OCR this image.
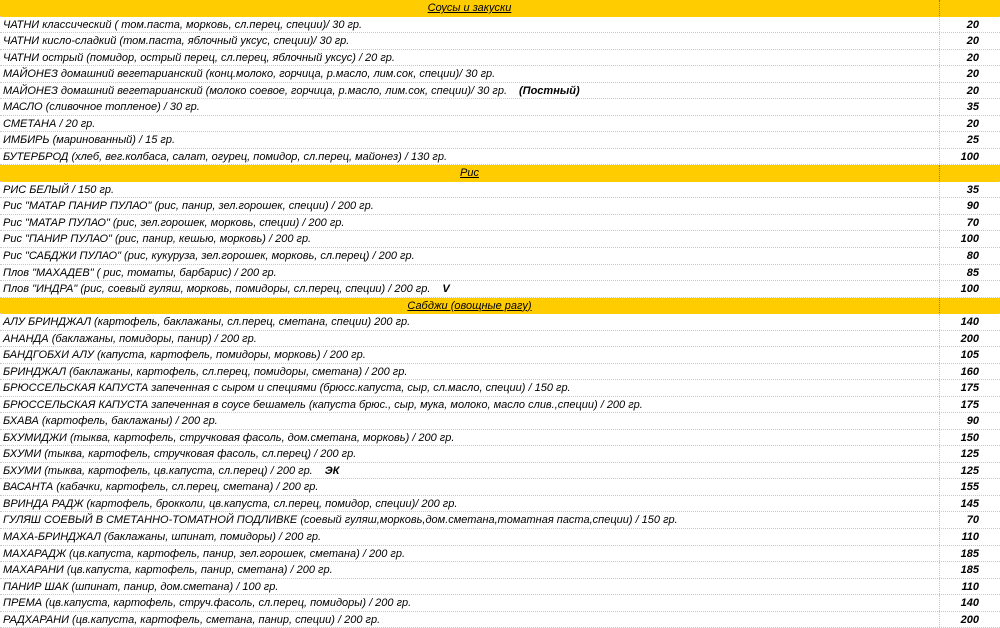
Соусы и закуски
ЧАТНИ классический ( том.паста, морковь, сл.перец, специи)/ 30 гр.	20
ЧАТНИ кисло-сладкий (том.паста, яблочный уксус, специи)/ 30 гр.	20
ЧАТНИ острый (помидор, острый перец, сл.перец, яблочный уксус) / 20 гр.	20
МАЙОНЕЗ домашний вегетарианский (конц.молоко, горчица, р.масло, лим.сок, специи)/ 30 гр.	20
МАЙОНЕЗ домашний вегетарианский (молоко соевое, горчица, р.масло, лим.сок, специи)/ 30 гр. (Постный)	20
МАСЛО (сливочное топленое) / 30 гр.	35
СМЕТАНА / 20 гр.	20
ИМБИРЬ (маринованный) / 15 гр.	25
БУТЕРБРОД (хлеб, вег.колбаса, салат, огурец, помидор, сл.перец, майонез) / 130 гр.	100
Рис
РИС БЕЛЫЙ / 150 гр.	35
Рис "МАТАР ПАНИР ПУЛАО" (рис, панир, зел.горошек, специи) / 200 гр.	90
Рис "МАТАР ПУЛАО" (рис, зел.горошек, морковь, специи) / 200 гр.	70
Рис "ПАНИР ПУЛАО" (рис, панир, кешью, морковь) / 200 гр.	100
Рис "САБДЖИ ПУЛАО" (рис, кукуруза, зел.горошек, морковь, сл.перец) / 200 гр.	80
Плов "МАХАДЕВ" ( рис, томаты, барбарис) / 200 гр.	85
Плов "ИНДРА" (рис, соевый гуляш, морковь, помидоры, сл.перец, специи) / 200 гр. V	100
Сабджи (овощные рагу)
АЛУ БРИНДЖАЛ (картофель, баклажаны, сл.перец, сметана, специи) 200 гр.	140
АНАНДА (баклажаны, помидоры, панир) / 200 гр.	200
БАНДГОБХИ АЛУ (капуста, картофель, помидоры, морковь) / 200 гр.	105
БРИНДЖАЛ (баклажаны, картофель, сл.перец, помидоры, сметана) / 200 гр.	160
БРЮССЕЛЬСКАЯ КАПУСТА запеченная с сыром и специями (брюсс.капуста, сыр, сл.масло, специи) / 150 гр.	175
БРЮССЕЛЬСКАЯ КАПУСТА запеченная в соусе бешамель (капуста брюс., сыр, мука, молоко, масло слив.,специи) / 200 гр.	175
БХАВА (картофель, баклажаны) / 200 гр.	90
БХУМИДЖИ (тыква, картофель, стручковая фасоль, дом.сметана, морковь) / 200 гр.	150
БХУМИ (тыква, картофель, стручковая фасоль, сл.перец) / 200 гр.	125
БХУМИ (тыква, картофель, цв.капуста, сл.перец) / 200 гр. ЭК	125
ВАСАНТА (кабачки, картофель, сл.перец, сметана) / 200 гр.	155
ВРИНДА РАДЖ (картофель, брокколи, цв.капуста, сл.перец, помидор, специи)/ 200 гр.	145
ГУЛЯШ СОЕВЫЙ В СМЕТАННО-ТОМАТНОЙ ПОДЛИВКЕ (соевый гуляш,морковь,дом.сметана,томатная паста,специи) / 150 гр.	70
МАХА-БРИНДЖАЛ (баклажаны, шпинат, помидоры) / 200 гр.	110
МАХАРАДЖ (цв.капуста, картофель, панир, зел.горошек, сметана) / 200 гр.	185
МАХАРАНИ (цв.капуста, картофель, панир, сметана) / 200 гр.	185
ПАНИР ШАК (шпинат, панир, дом.сметана) / 100 гр.	110
ПРЕМА (цв.капуста, картофель, струч.фасоль, сл.перец, помидоры) / 200 гр.	140
РАДХАРАНИ (цв.капуста, картофель, сметана, панир, специи) / 200 гр.	200
